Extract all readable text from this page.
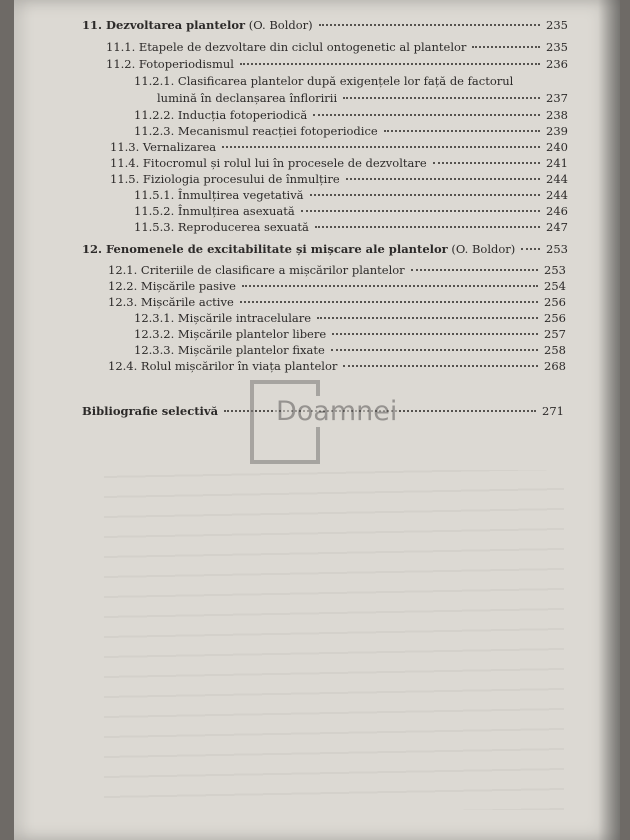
11. Dezvoltarea plantelor (O. Boldor)	235
11.1. Etapele de dezvoltare din ciclul ontogenetic al plantelor	235
11.2. Fotoperiodismul	236
11.2.1. Clasificarea plantelor după exigențele lor față de factorul
lumină în declanșarea înfloririi	237
11.2.2. Inducția fotoperiodică	238
11.2.3. Mecanismul reacției fotoperiodice	239
11.3. Vernalizarea	240
11.4. Fitocromul și rolul lui în procesele de dezvoltare	241
11.5. Fiziologia procesului de înmulțire	244
11.5.1. Înmulțirea vegetativă	244
11.5.2. Înmulțirea asexuată	246
11.5.3. Reproducerea sexuată	247
12. Fenomenele de excitabilitate și mișcare ale plantelor (O. Boldor)	253
12.1. Criteriile de clasificare a mișcărilor plantelor	253
12.2. Mișcările pasive	254
12.3. Mișcările active	256
12.3.1. Mișcările intracelulare	256
12.3.2. Mișcările plantelor libere	257
12.3.3. Mișcările plantelor fixate	258
12.4. Rolul mișcărilor în viața plantelor	268
Bibliografie selectivă	271
Doamnei
